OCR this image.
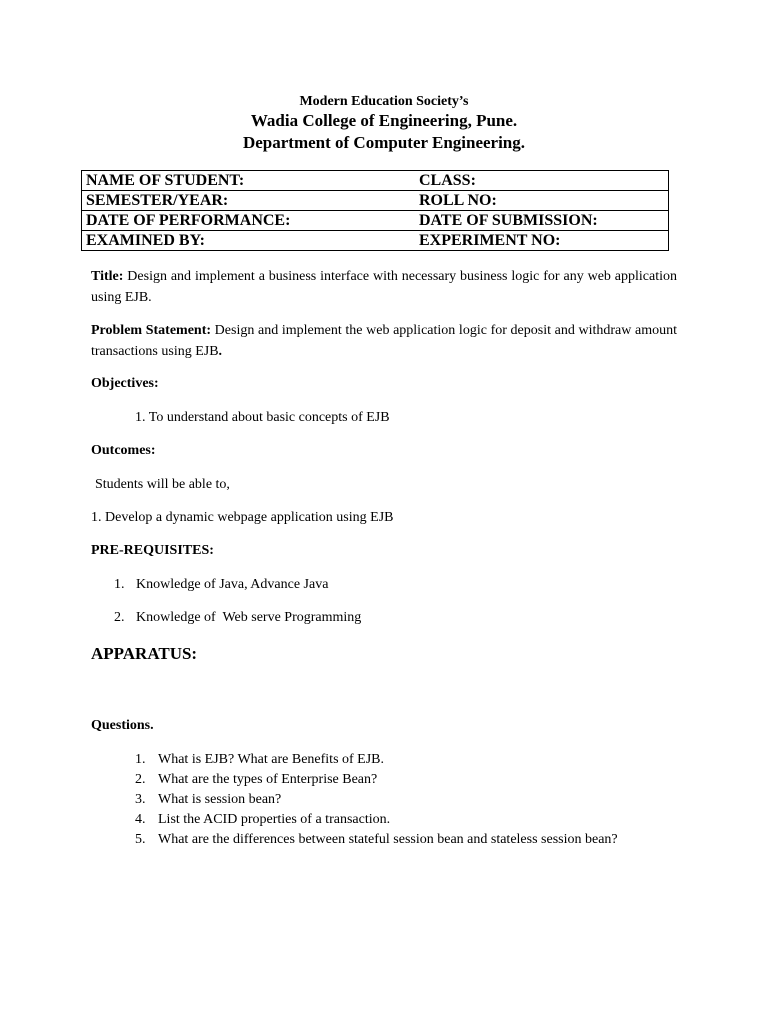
Modern Education Society’s
Wadia College of Engineering, Pune.
Department of Computer Engineering.
NAME OF STUDENT:	CLASS:
SEMESTER/YEAR:	ROLL NO:
DATE OF PERFORMANCE:	DATE OF SUBMISSION:
EXAMINED BY:	EXPERIMENT NO:
Title: Design and implement a business interface with necessary business logic for any web application using EJB.
Problem Statement: Design and implement the web application logic for deposit and withdraw amount transactions using EJB.
Objectives:
1. To understand about basic concepts of EJB
Outcomes:
Students will be able to,
1. Develop a dynamic webpage application using EJB
PRE-REQUISITES:
1. Knowledge of Java, Advance Java
2. Knowledge of  Web serve Programming
APPARATUS:
Questions.
1. What is EJB? What are Benefits of EJB.
2. What are the types of Enterprise Bean?
3. What is session bean?
4. List the ACID properties of a transaction.
5. What are the differences between stateful session bean and stateless session bean?
